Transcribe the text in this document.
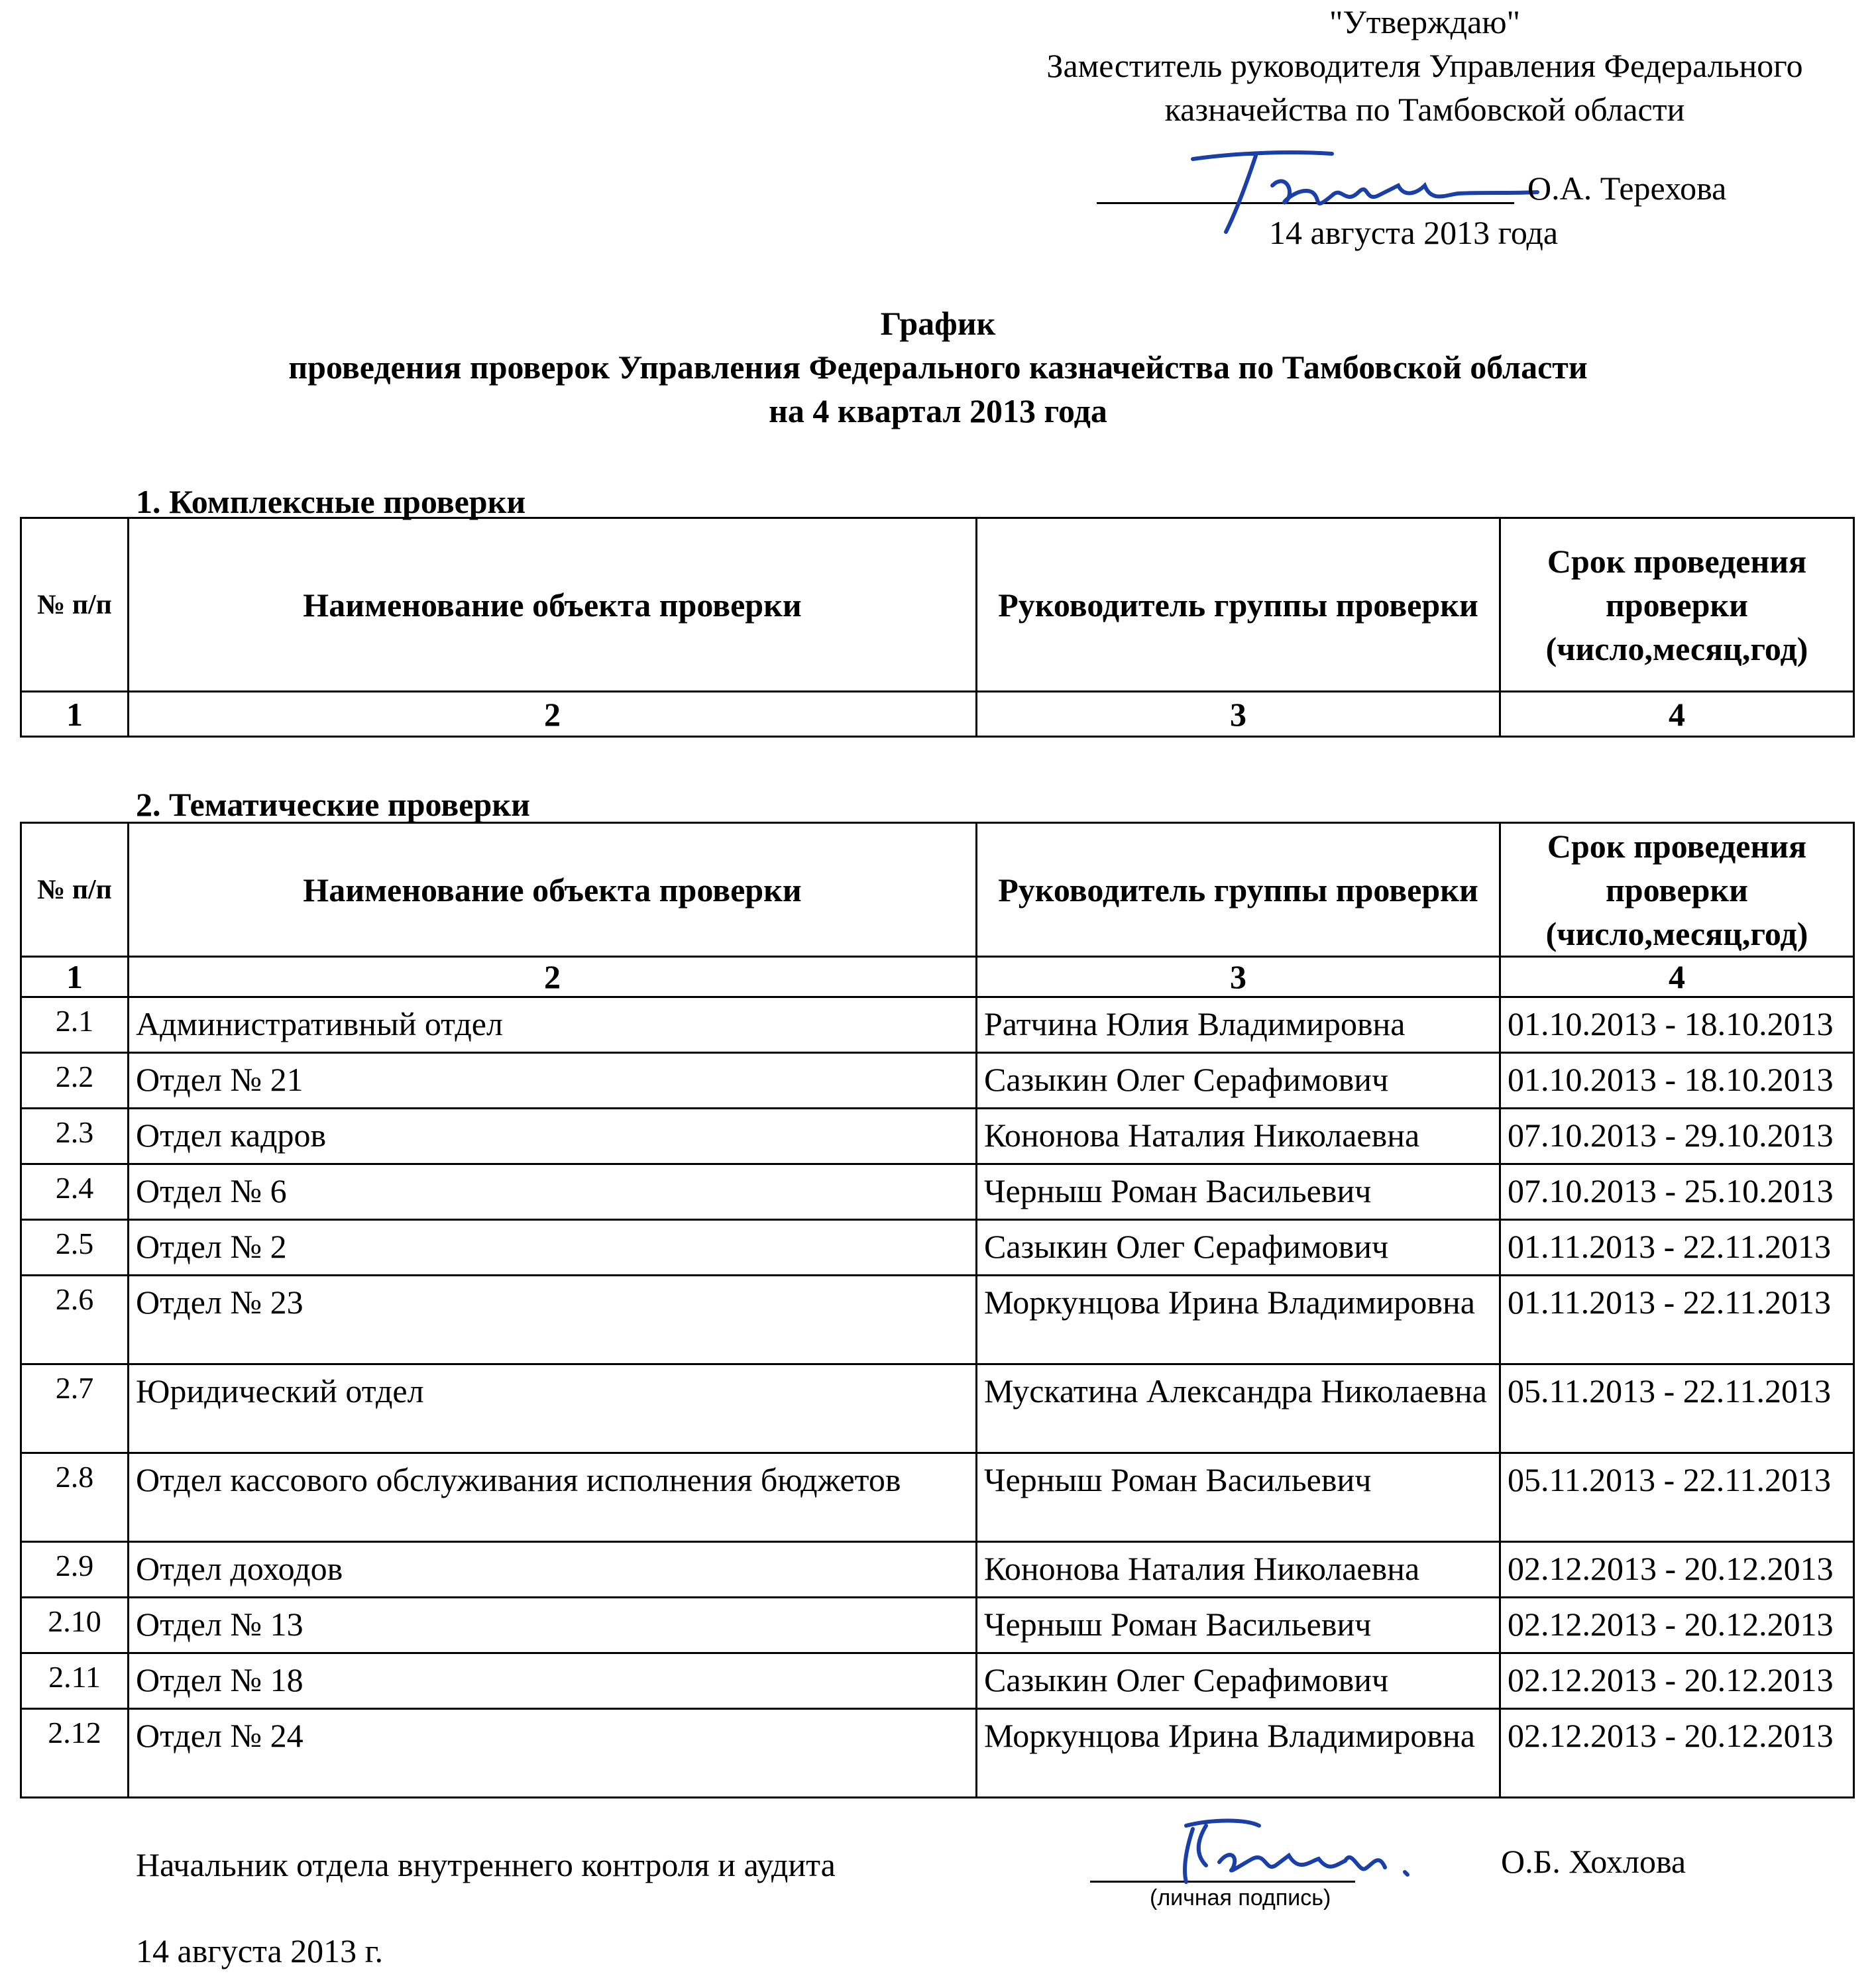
"Утверждаю"
Заместитель руководителя Управления Федерального
казначейства по Тамбовской области
О.А. Терехова
14 августа 2013 года
График
проведения проверок Управления Федерального казначейства по Тамбовской области
на 4 квартал 2013 года
1. Комплексные проверки
№ п/п	Наименование объекта проверки	Руководитель группы проверки	Срок проведения
проверки
(число,месяц,год)

1	2	3	4
2. Тематические проверки
№ п/п	Наименование объекта проверки	Руководитель группы проверки	Срок проведения
проверки
(число,месяц,год)

1	2	3	4
2.1	Административный отдел	Ратчина Юлия Владимировна	01.10.2013 - 18.10.2013
2.2	Отдел № 21	Сазыкин Олег Серафимович	01.10.2013 - 18.10.2013
2.3	Отдел кадров	Кононова Наталия Николаевна	07.10.2013 - 29.10.2013
2.4	Отдел № 6	Черныш Роман Васильевич	07.10.2013 - 25.10.2013
2.5	Отдел № 2	Сазыкин Олег Серафимович	01.11.2013 - 22.11.2013
2.6	Отдел № 23	Моркунцова Ирина Владимировна	01.11.2013 - 22.11.2013
2.7	Юридический отдел	Мускатина Александра Николаевна	05.11.2013 - 22.11.2013
2.8	Отдел кассового обслуживания исполнения бюджетов	Черныш Роман Васильевич	05.11.2013 - 22.11.2013
2.9	Отдел доходов	Кононова Наталия Николаевна	02.12.2013 - 20.12.2013
2.10	Отдел № 13	Черныш Роман Васильевич	02.12.2013 - 20.12.2013
2.11	Отдел № 18	Сазыкин Олег Серафимович	02.12.2013 - 20.12.2013
2.12	Отдел № 24	Моркунцова Ирина Владимировна	02.12.2013 - 20.12.2013
Начальник отдела внутреннего контроля и аудита
(личная подпись)
О.Б. Хохлова
14 августа 2013 г.
